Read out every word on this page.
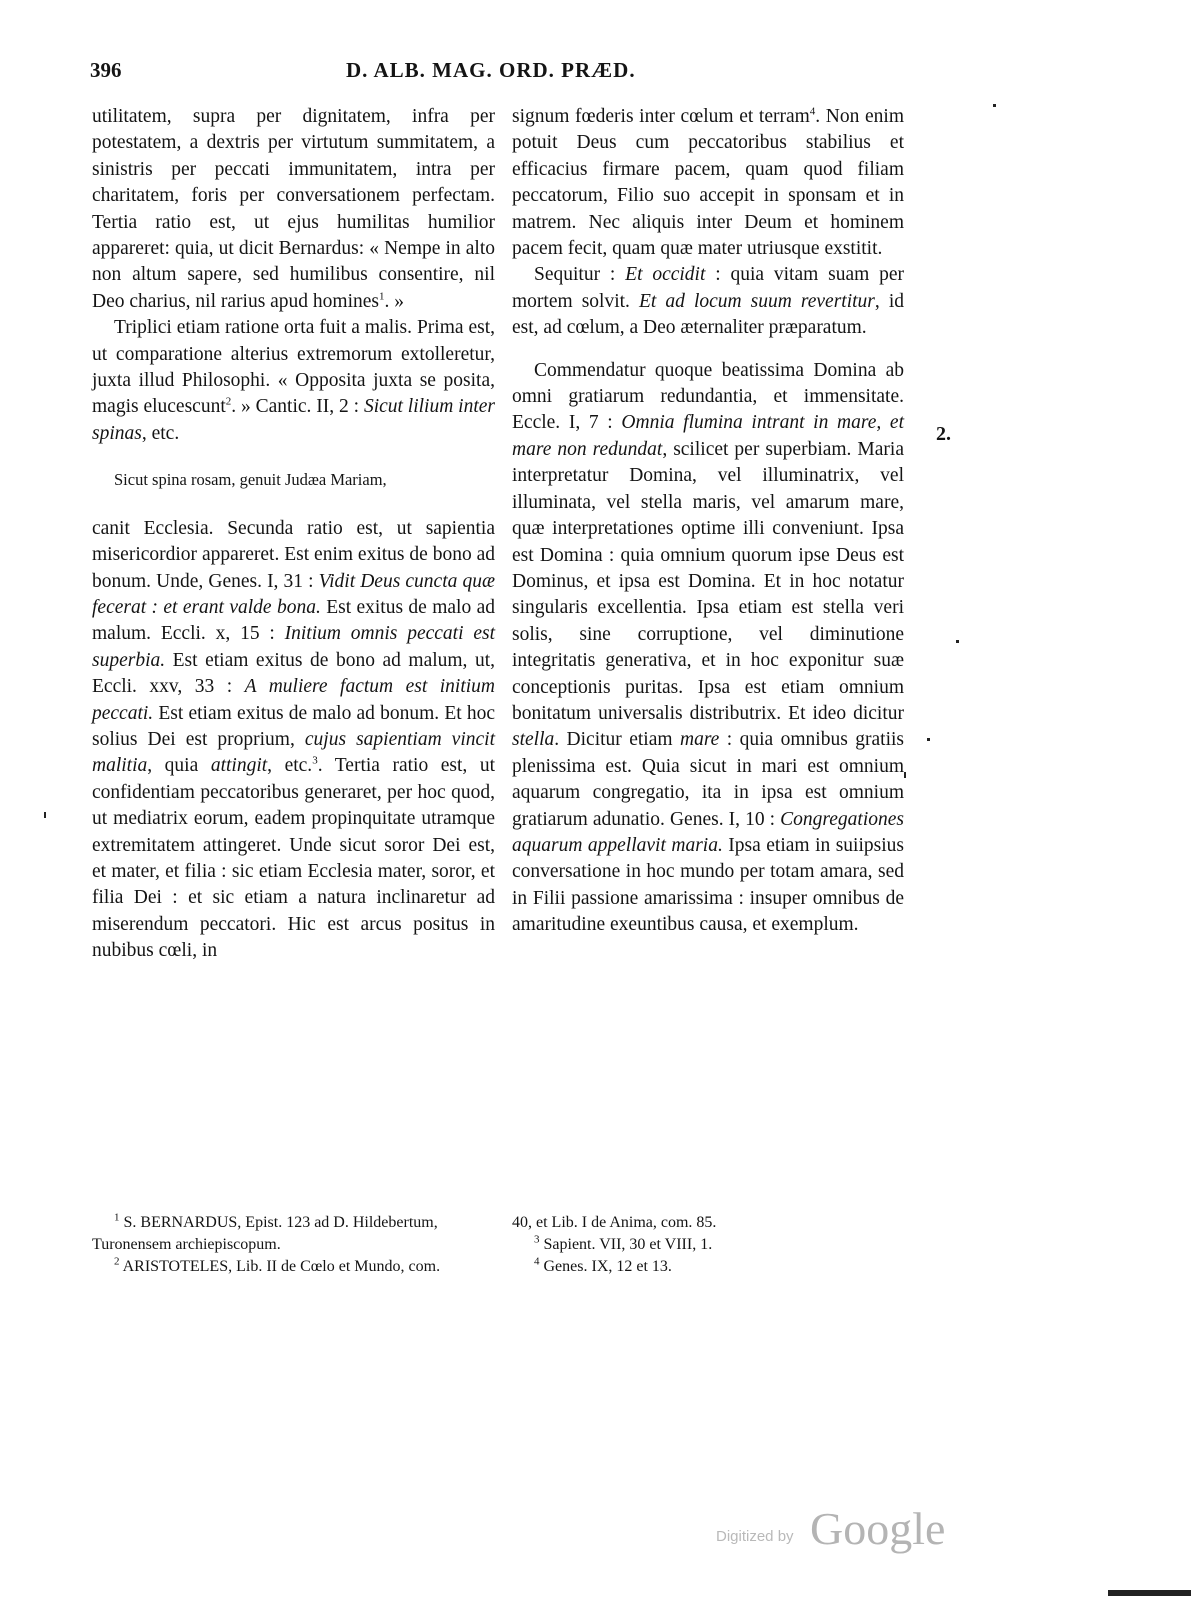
396	D. ALB. MAG. ORD. PRÆD.

utilitatem, supra per dignitatem, infra per potestatem, a dextris per virtutum summitatem, a sinistris per peccati immunitatem, intra per charitatem, foris per conversationem perfectam. Tertia ratio est, ut ejus humilitas humilior appareret: quia, ut dicit Bernardus: « Nempe in alto non altum sapere, sed humilibus consentire, nil Deo charius, nil rarius apud homines$^1$. »

Triplici etiam ratione orta fuit a malis. Prima est, ut comparatione alterius extremorum extolleretur, juxta illud Philosophi. « Opposita juxta se posita, magis elucescunt$^2$. » Cantic. II, 2 : Sicut lilium inter spinas, etc.

Sicut spina rosam, genuit Judæa Mariam,

canit Ecclesia. Secunda ratio est, ut sapientia misericordior appareret. Est enim exitus de bono ad bonum. Unde, Genes. I, 31 : Vidit Deus cuncta quæ fecerat : et erant valde bona. Est exitus de malo ad malum. Eccli. x, 15 : Initium omnis peccati est superbia. Est etiam exitus de bono ad malum, ut, Eccli. xxv, 33 : A muliere factum est initium peccati. Est etiam exitus de malo ad bonum. Et hoc solius Dei est proprium, cujus sapientiam vincit malitia, quia attingit, etc.$^3$. Tertia ratio est, ut confidentiam peccatoribus generaret, per hoc quod, ut mediatrix eorum, eadem propinquitate utramque extremitatem attingeret. Unde sicut soror Dei est, et mater, et filia : sic etiam Ecclesia mater, soror, et filia Dei : et sic etiam a natura inclinaretur ad miserendum peccatori. Hic est arcus positus in nubibus cœli, in

signum fœderis inter cœlum et terram$^4$. Non enim potuit Deus cum peccatoribus stabilius et efficacius firmare pacem, quam quod filiam peccatorum, Filio suo accepit in sponsam et in matrem. Nec aliquis inter Deum et hominem pacem fecit, quam quæ mater utriusque exstitit.

Sequitur : Et occidit : quia vitam suam per mortem solvit. Et ad locum suum revertitur, id est, ad cœlum, a Deo æternaliter præparatum.

Commendatur quoque beatissima Domina ab omni gratiarum redundantia, et immensitate. Eccle. I, 7 : Omnia flumina intrant in mare, et mare non redundat, scilicet per superbiam. Maria interpretatur Domina, vel illuminatrix, vel illuminata, vel stella maris, vel amarum mare, quæ interpretationes optime illi conveniunt. Ipsa est Domina : quia omnium quorum ipse Deus est Dominus, et ipsa est Domina. Et in hoc notatur singularis excellentia. Ipsa etiam est stella veri solis, sine corruptione, vel diminutione integritatis generativa, et in hoc exponitur suæ conceptionis puritas. Ipsa est etiam omnium bonitatum universalis distributrix. Et ideo dicitur stella. Dicitur etiam mare : quia omnibus gratiis plenissima est. Quia sicut in mari est omnium aquarum congregatio, ita in ipsa est omnium gratiarum adunatio. Genes. I, 10 : Congregationes aquarum appellavit maria. Ipsa etiam in suiipsius conversatione in hoc mundo per totam amara, sed in Filii passione amarissima : insuper omnibus de amaritudine exeuntibus causa, et exemplum.

2.

$^1$ S. BERNARDUS, Epist. 123 ad D. Hildebertum, Turonensem archiepiscopum.

$^2$ ARISTOTELES, Lib. II de Cœlo et Mundo, com.

40, et Lib. I de Anima, com. 85.

$^3$ Sapient. VII, 30 et VIII, 1.

$^4$ Genes. IX, 12 et 13.

Digitized by Google
